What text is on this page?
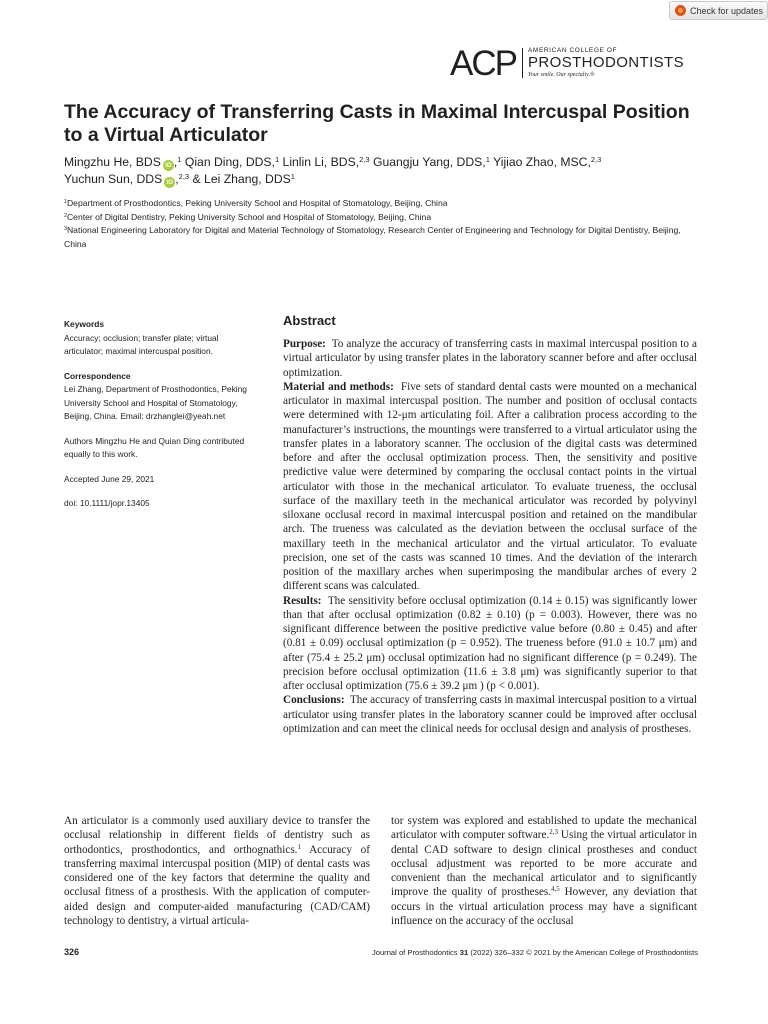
Check for updates
ACP AMERICAN COLLEGE OF
PROSTHODONTISTS
Your smile. Our specialty.®
The Accuracy of Transferring Casts in Maximal Intercuspal Position to a Virtual Articulator
Mingzhu He, BDS iD ,$^1$ Qian Ding, DDS,$^1$ Linlin Li, BDS,$^{2,3}$ Guangju Yang, DDS,$^1$ Yijiao Zhao, MSC,$^{2,3}$
Yuchun Sun, DDS iD ,$^{2,3}$ & Lei Zhang, DDS$^1$

$^1$Department of Prosthodontics, Peking University School and Hospital of Stomatology, Beijing, China

$^2$Center of Digital Dentistry, Peking University School and Hospital of Stomatology, Beijing, China

$^3$National Engineering Laboratory for Digital and Material Technology of Stomatology, Research Center of Engineering and Technology for Digital Dentistry, Beijing, China

Keywords
Accuracy; occlusion; transfer plate; virtual articulator; maximal intercuspal position.
Correspondence
Lei Zhang, Department of Prosthodontics, Peking University School and Hospital of Stomatology, Beijing, China. Email: drzhanglei@yeah.net
Authors Mingzhu He and Quian Ding contributed equally to this work.
Accepted June 29, 2021
doi: 10.1111/jopr.13405
Abstract

Purpose: To analyze the accuracy of transferring casts in maximal intercuspal position to a virtual articulator by using transfer plates in the laboratory scanner before and after occlusal optimization.

Material and methods: Five sets of standard dental casts were mounted on a mechanical articulator in maximal intercuspal position. The number and position of occlusal contacts were determined with 12-μm articulating foil. After a calibration process according to the manufacturer’s instructions, the mountings were transferred to a virtual articulator using the transfer plates in a laboratory scanner. The occlusion of the digital casts was determined before and after the occlusal optimization process. Then, the sensitivity and positive predictive value were determined by comparing the occlusal contact points in the virtual articulator with those in the mechanical articulator. To evaluate trueness, the occlusal surface of the maxillary teeth in the mechanical articulator was recorded by polyvinyl siloxane occlusal record in maximal intercuspal position and retained on the mandibular arch. The trueness was calculated as the deviation between the occlusal surface of the maxillary teeth in the mechanical articulator and the virtual articulator. To evaluate precision, one set of the casts was scanned 10 times. And the deviation of the interarch position of the maxillary arches when superimposing the mandibular arches of every 2 different scans was calculated.

Results: The sensitivity before occlusal optimization (0.14 ± 0.15) was significantly lower than that after occlusal optimization (0.82 ± 0.10) (p = 0.003). However, there was no significant difference between the positive predictive value before (0.80 ± 0.45) and after (0.81 ± 0.09) occlusal optimization (p = 0.952). The trueness before (91.0 ± 10.7 μm) and after (75.4 ± 25.2 μm) occlusal optimization had no significant difference (p = 0.249). The precision before occlusal optimization (11.6 ± 3.8 μm) was significantly superior to that after occlusal optimization (75.6 ± 39.2 μm ) (p < 0.001).

Conclusions: The accuracy of transferring casts in maximal intercuspal position to a virtual articulator using transfer plates in the laboratory scanner could be improved after occlusal optimization and can meet the clinical needs for occlusal design and analysis of prostheses.

An articulator is a commonly used auxiliary device to transfer the occlusal relationship in different fields of dentistry such as orthodontics, prosthodontics, and orthognathics.$^1$ Accuracy of transferring maximal intercuspal position (MIP) of dental casts was considered one of the key factors that determine the quality and occlusal fitness of a prosthesis. With the application of computer-aided design and computer-aided manufacturing (CAD/CAM) technology to dentistry, a virtual articula-
tor system was explored and established to update the mechanical articulator with computer software.$^{2,3}$ Using the virtual articulator in dental CAD software to design clinical prostheses and conduct occlusal adjustment was reported to be more accurate and convenient than the mechanical articulator and to significantly improve the quality of prostheses.$^{4,5}$ However, any deviation that occurs in the virtual articulation process may have a significant influence on the accuracy of the occlusal
326	Journal of Prosthodontics 31 (2022) 326–332 © 2021 by the American College of Prosthodontists
